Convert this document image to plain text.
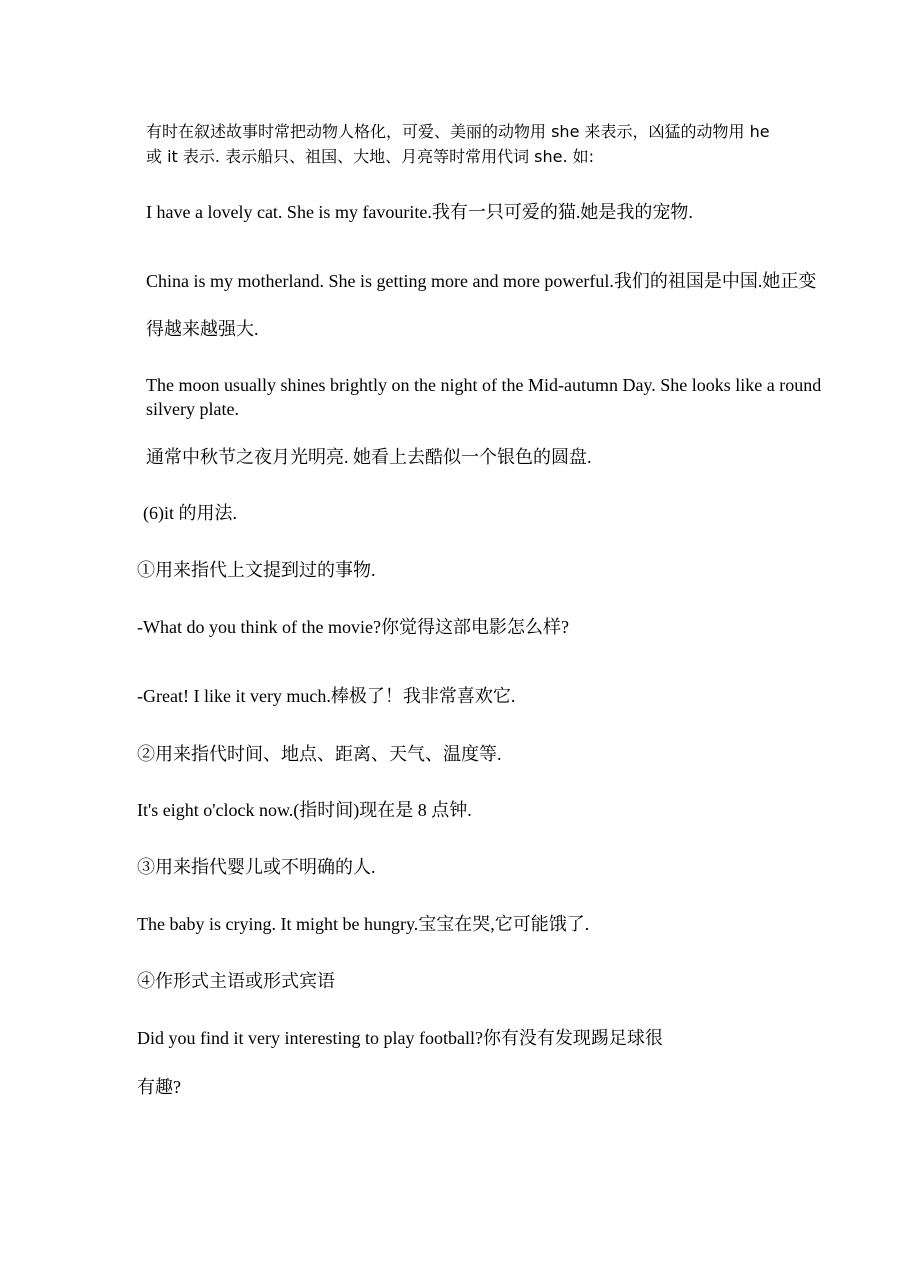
有时在叙述故事时常把动物人格化，可爱、美丽的动物用 she 来表示，凶猛的动物用 he
或 it 表示. 表示船只、祖国、大地、月亮等时常用代词 she. 如:
I have a lovely cat. She is my favourite.我有一只可爱的猫.她是我的宠物.
China is my motherland. She is getting more and more powerful.我们的祖国是中国.她正变
得越来越强大.
The moon usually shines brightly on the night of the Mid-autumn Day. She looks like a round
silvery plate.
通常中秋节之夜月光明亮. 她看上去酷似一个银色的圆盘.
(6)it 的用法.
①用来指代上文提到过的事物.
-What do you think of the movie?你觉得这部电影怎么样?
-Great! I like it very much.棒极了！我非常喜欢它.
②用来指代时间、地点、距离、天气、温度等.
It's eight o'clock now.(指时间)现在是 8 点钟.
③用来指代婴儿或不明确的人.
The baby is crying. It might be hungry.宝宝在哭,它可能饿了.
④作形式主语或形式宾语
Did you find it very interesting to play football?你有没有发现踢足球很
有趣?
